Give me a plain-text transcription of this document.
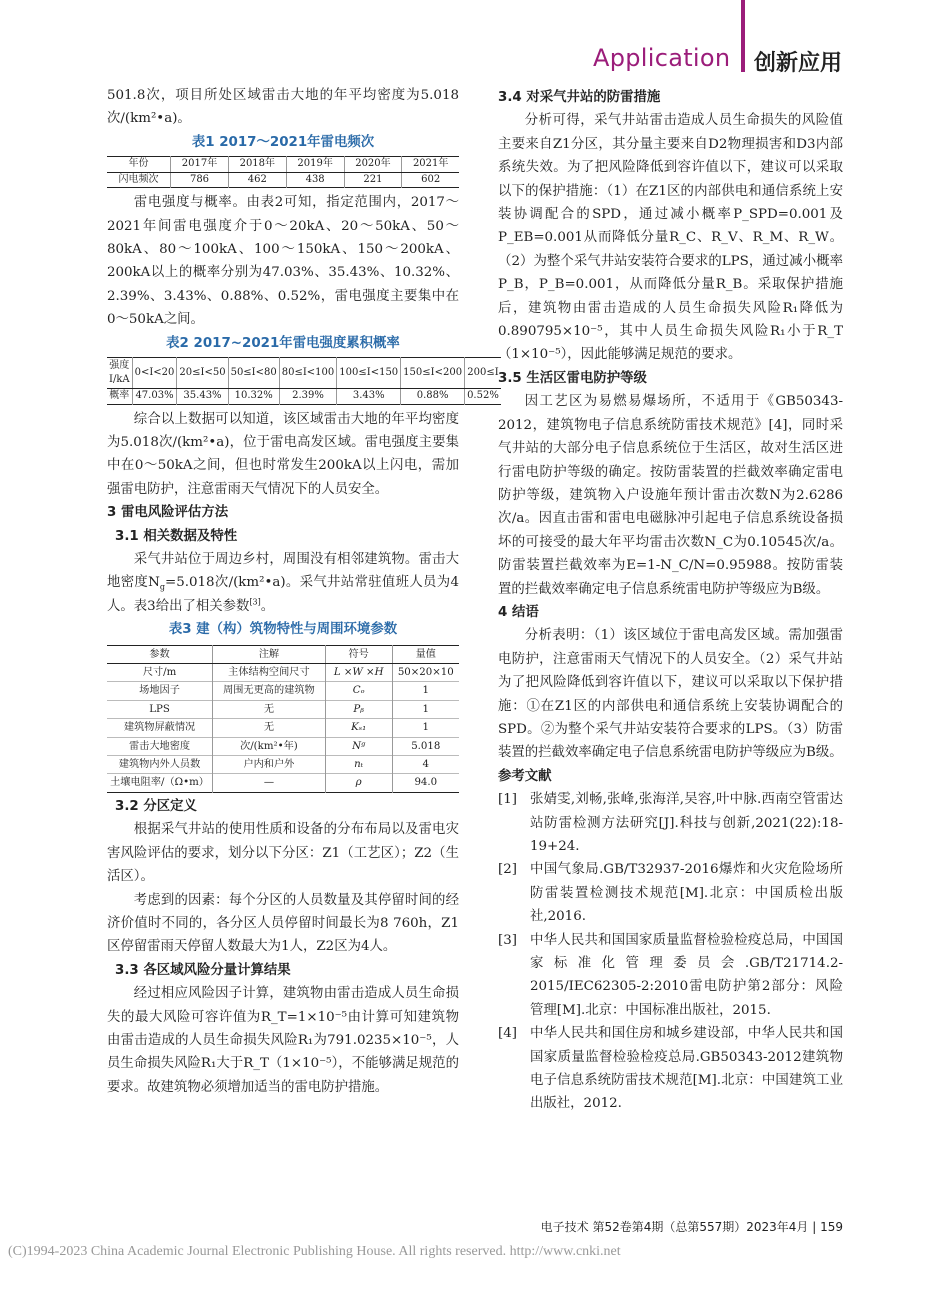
Application 创新应用

501.8次，项目所处区域雷击大地的年平均密度为5.018次/(km²•a)。

表1 2017～2021年雷电频次

年份	2017年	2018年	2019年	2020年	2021年
闪电频次	786	462	438	221	602

雷电强度与概率。由表2可知，指定范围内，2017～2021年间雷电强度介于0～20kA、20～50kA、50～80kA、80～100kA、100～150kA、150～200kA、200kA以上的概率分别为47.03%、35.43%、10.32%、2.39%、3.43%、0.88%、0.52%，雷电强度主要集中在0～50kA之间。

表2 2017~2021年雷电强度累积概率

强度I/kA	0<I<20	20≤I<50	50≤I<80	80≤I<100	100≤I<150	150≤I<200	200≤I
概率	47.03%	35.43%	10.32%	2.39%	3.43%	0.88%	0.52%

综合以上数据可以知道，该区域雷击大地的年平均密度为5.018次/(km²•a)，位于雷电高发区域。雷电强度主要集中在0～50kA之间，但也时常发生200kA以上闪电，需加强雷电防护，注意雷雨天气情况下的人员安全。

3 雷电风险评估方法

3.1 相关数据及特性

采气井站位于周边乡村，周围没有相邻建筑物。雷击大地密度$N_g=5.018$次/(km²•a)。采气井站常驻值班人员为4人。表3给出了相关参数[3]。

表3 建（构）筑物特性与周围环境参数

参数	注解	符号	量值
尺寸/m	主体结构空间尺寸	L ×W ×H	50×20×10
场地因子	周围无更高的建筑物	Cₒ	1
LPS	无	Pᵦ	1
建筑物屏蔽情况	无	Kₛ₁	1
雷击大地密度	次/(km²•年)	Nᵍ	5.018
建筑物内外人员数	户内和户外	nₜ	4
土壤电阻率/（Ω•m）	—	ρ	94.0

3.2 分区定义

根据采气井站的使用性质和设备的分布布局以及雷电灾害风险评估的要求，划分以下分区：Z1（工艺区）；Z2（生活区）。

考虑到的因素：每个分区的人员数量及其停留时间的经济价值时不同的，各分区人员停留时间最长为8 760h，Z1区停留雷雨天停留人数最大为1人，Z2区为4人。

3.3 各区域风险分量计算结果

经过相应风险因子计算，建筑物由雷击造成人员生命损失的最大风险可容许值为R_T=1×10⁻⁵由计算可知建筑物由雷击造成的人员生命损失风险R₁为791.0235×10⁻⁵，人员生命损失风险R₁大于R_T（1×10⁻⁵），不能够满足规范的要求。故建筑物必须增加适当的雷电防护措施。

3.4 对采气井站的防雷措施

分析可得，采气井站雷击造成人员生命损失的风险值主要来自Z1分区，其分量主要来自D2物理损害和D3内部系统失效。为了把风险降低到容许值以下，建议可以采取以下的保护措施：（1）在Z1区的内部供电和通信系统上安装协调配合的SPD，通过减小概率P_SPD=0.001及P_EB=0.001从而降低分量R_C、R_V、R_M、R_W。（2）为整个采气井站安装符合要求的LPS，通过减小概率P_B，P_B=0.001，从而降低分量R_B。采取保护措施后，建筑物由雷击造成的人员生命损失风险R₁降低为0.890795×10⁻⁵，其中人员生命损失风险R₁小于R_T（1×10⁻⁵），因此能够满足规范的要求。

3.5 生活区雷电防护等级

因工艺区为易燃易爆场所，不适用于《GB50343-2012，建筑物电子信息系统防雷技术规范》[4]，同时采气井站的大部分电子信息系统位于生活区，故对生活区进行雷电防护等级的确定。按防雷装置的拦截效率确定雷电防护等级，建筑物入户设施年预计雷击次数N为2.6286次/a。因直击雷和雷电电磁脉冲引起电子信息系统设备损坏的可接受的最大年平均雷击次数N_C为0.10545次/a。防雷装置拦截效率为E=1-N_C/N=0.95988。按防雷装置的拦截效率确定电子信息系统雷电防护等级应为B级。

4 结语

分析表明：（1）该区域位于雷电高发区域。需加强雷电防护，注意雷雨天气情况下的人员安全。（2）采气井站为了把风险降低到容许值以下，建议可以采取以下保护措施：①在Z1区的内部供电和通信系统上安装协调配合的SPD。②为整个采气井站安装符合要求的LPS。（3）防雷装置的拦截效率确定电子信息系统雷电防护等级应为B级。

参考文献

[1] 张婧雯,刘畅,张峰,张海洋,吴容,叶中脉.西南空管雷达站防雷检测方法研究[J].科技与创新,2021(22):18-19+24.
[2] 中国气象局.GB/T32937-2016爆炸和火灾危险场所防雷装置检测技术规范[M].北京：中国质检出版社,2016.
[3] 中华人民共和国国家质量监督检验检疫总局，中国国家标准化管理委员会.GB/T21714.2-2015/IEC62305-2:2010雷电防护第2部分：风险管理[M].北京：中国标准出版社，2015.
[4] 中华人民共和国住房和城乡建设部，中华人民共和国国家质量监督检验检疫总局.GB50343-2012建筑物电子信息系统防雷技术规范[M].北京：中国建筑工业出版社，2012.
电子技术 第52卷第4期（总第557期）2023年4月 | 159
(C)1994-2023 China Academic Journal Electronic Publishing House. All rights reserved. http://www.cnki.net
